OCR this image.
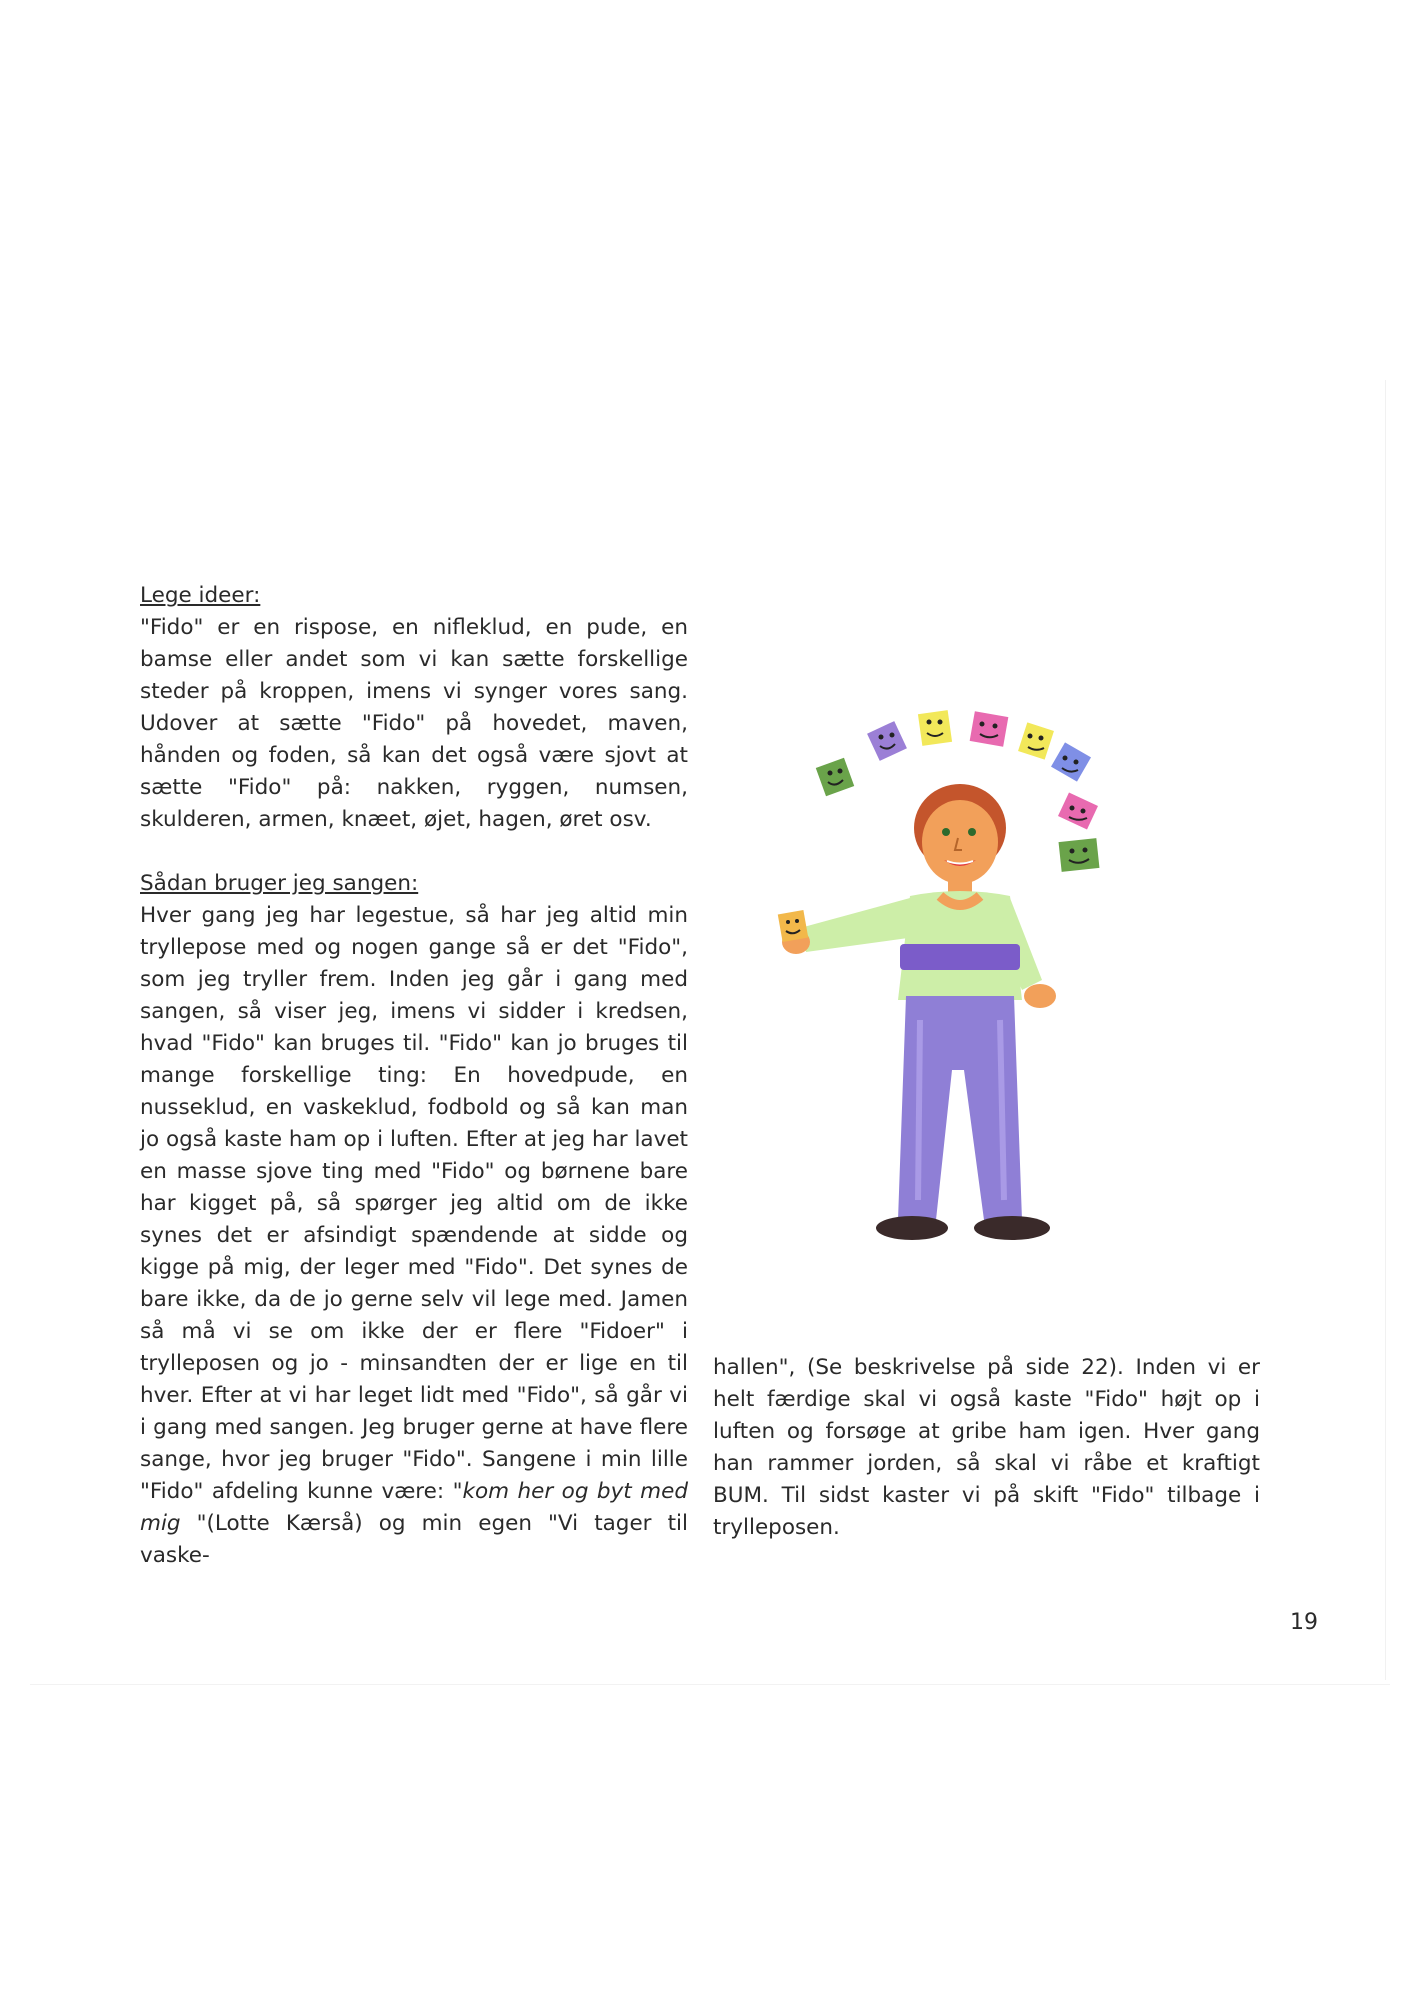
Lege ideer:

"Fido" er en rispose, en nifleklud, en pude, en bamse eller andet som vi kan sætte forskellige steder på kroppen, imens vi synger vores sang. Udover at sætte "Fido" på hovedet, maven, hånden og foden, så kan det også være sjovt at sætte "Fido" på: nakken, ryggen, numsen, skulderen, armen, knæet, øjet, hagen, øret osv.

Sådan bruger jeg sangen:

Hver gang jeg har legestue, så har jeg altid min tryllepose med og nogen gange så er det "Fido", som jeg tryller frem. Inden jeg går i gang med sangen, så viser jeg, imens vi sidder i kredsen, hvad "Fido" kan bruges til. "Fido" kan jo bruges til mange forskellige ting: En hovedpude, en nusseklud, en vaskeklud, fodbold og så kan man jo også kaste ham op i luften. Efter at jeg har lavet en masse sjove ting med "Fido" og børnene bare har kigget på, så spørger jeg altid om de ikke synes det er afsindigt spændende at sidde og kigge på mig, der leger med "Fido". Det synes de bare ikke, da de jo gerne selv vil lege med. Jamen så må vi se om ikke der er flere "Fidoer" i trylleposen og jo - minsandten der er lige en til hver. Efter at vi har leget lidt med "Fido", så går vi i gang med sangen. Jeg bruger gerne at have flere sange, hvor jeg bruger "Fido". Sangene i min lille "Fido" afdeling kunne være: "kom her og byt med mig "(Lotte Kærså) og min egen "Vi tager til vaske-

hallen", (Se beskrivelse på side 22). Inden vi er helt færdige skal vi også kaste "Fido" højt op i luften og forsøge at gribe ham igen. Hver gang han rammer jorden, så skal vi råbe et kraftigt BUM. Til sidst kaster vi på skift "Fido" tilbage i trylleposen.

19
